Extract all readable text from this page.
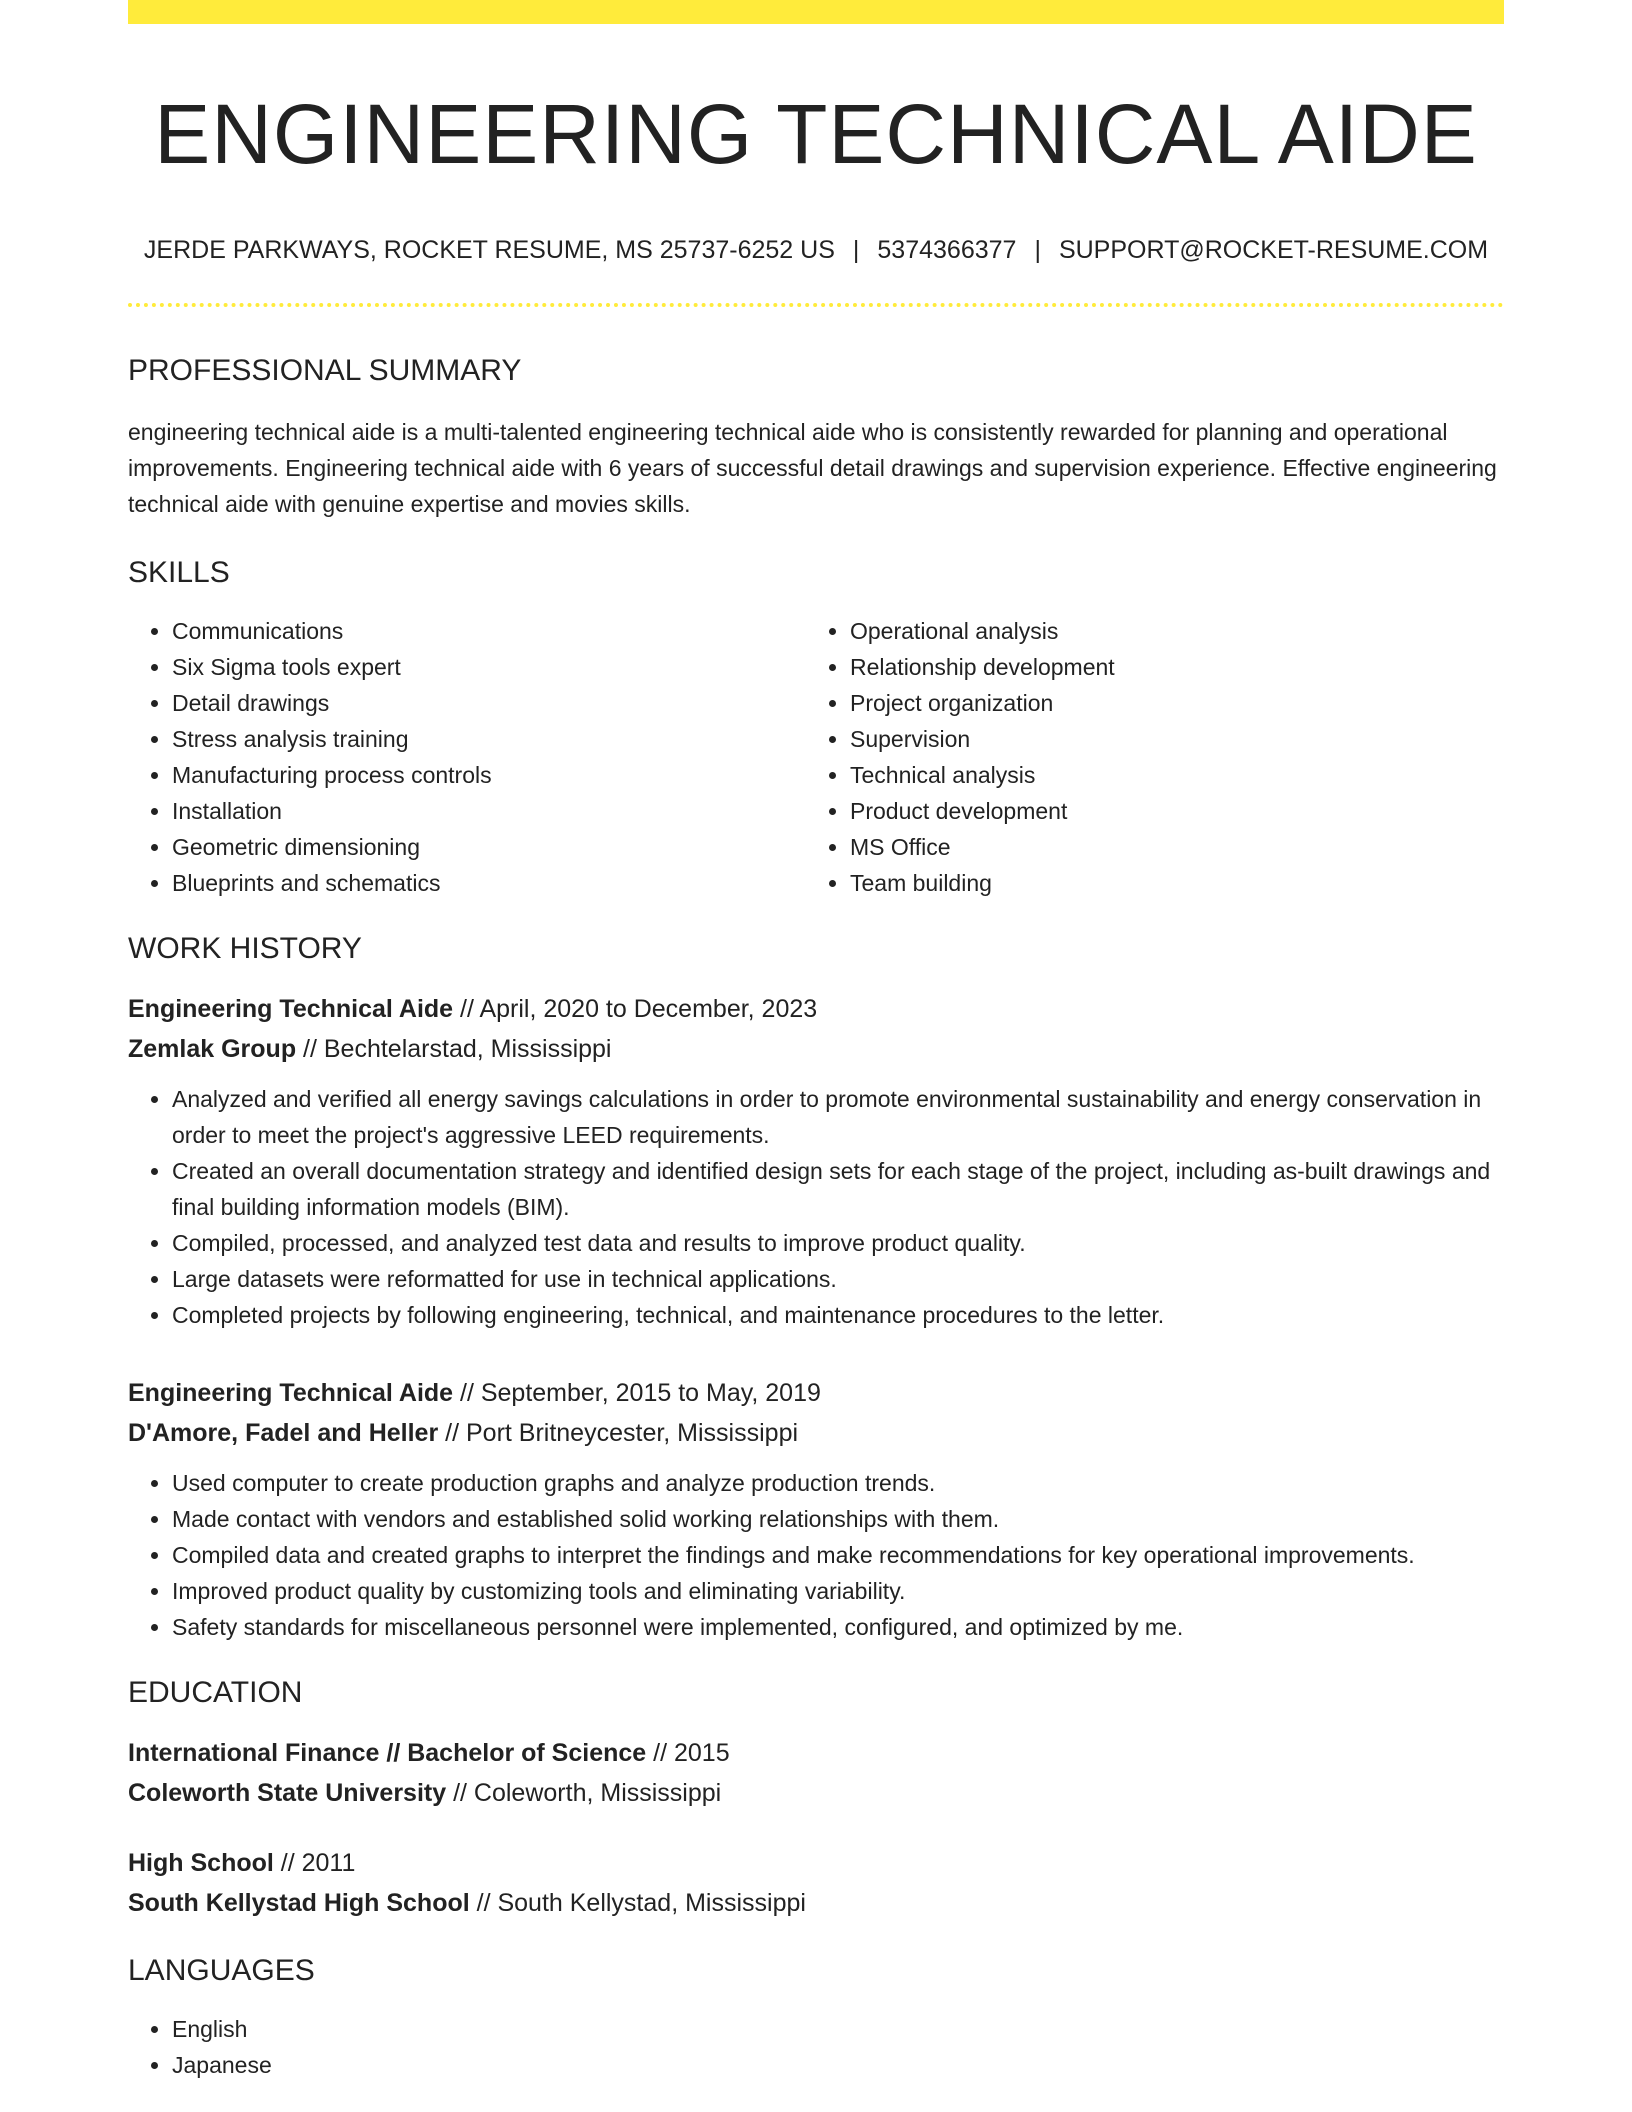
ENGINEERING TECHNICAL AIDE
JERDE PARKWAYS, ROCKET RESUME, MS 25737-6252 US | 5374366377 | SUPPORT@ROCKET-RESUME.COM
PROFESSIONAL SUMMARY

engineering technical aide is a multi-talented engineering technical aide who is consistently rewarded for planning and operational improvements. Engineering technical aide with 6 years of successful detail drawings and supervision experience. Effective engineering technical aide with genuine expertise and movies skills.

SKILLS
• Communications
• Six Sigma tools expert
• Detail drawings
• Stress analysis training
• Manufacturing process controls
• Installation
• Geometric dimensioning
• Blueprints and schematics
• Operational analysis
• Relationship development
• Project organization
• Supervision
• Technical analysis
• Product development
• MS Office
• Team building
WORK HISTORY
Engineering Technical Aide // April, 2020 to December, 2023
Zemlak Group // Bechtelarstad, Mississippi
• Analyzed and verified all energy savings calculations in order to promote environmental sustainability and energy conservation in order to meet the project's aggressive LEED requirements.
• Created an overall documentation strategy and identified design sets for each stage of the project, including as-built drawings and final building information models (BIM).
• Compiled, processed, and analyzed test data and results to improve product quality.
• Large datasets were reformatted for use in technical applications.
• Completed projects by following engineering, technical, and maintenance procedures to the letter.
Engineering Technical Aide // September, 2015 to May, 2019
D'Amore, Fadel and Heller // Port Britneycester, Mississippi
• Used computer to create production graphs and analyze production trends.
• Made contact with vendors and established solid working relationships with them.
• Compiled data and created graphs to interpret the findings and make recommendations for key operational improvements.
• Improved product quality by customizing tools and eliminating variability.
• Safety standards for miscellaneous personnel were implemented, configured, and optimized by me.
EDUCATION
International Finance // Bachelor of Science // 2015
Coleworth State University // Coleworth, Mississippi
High School // 2011
South Kellystad High School // South Kellystad, Mississippi
LANGUAGES
• English
• Japanese
